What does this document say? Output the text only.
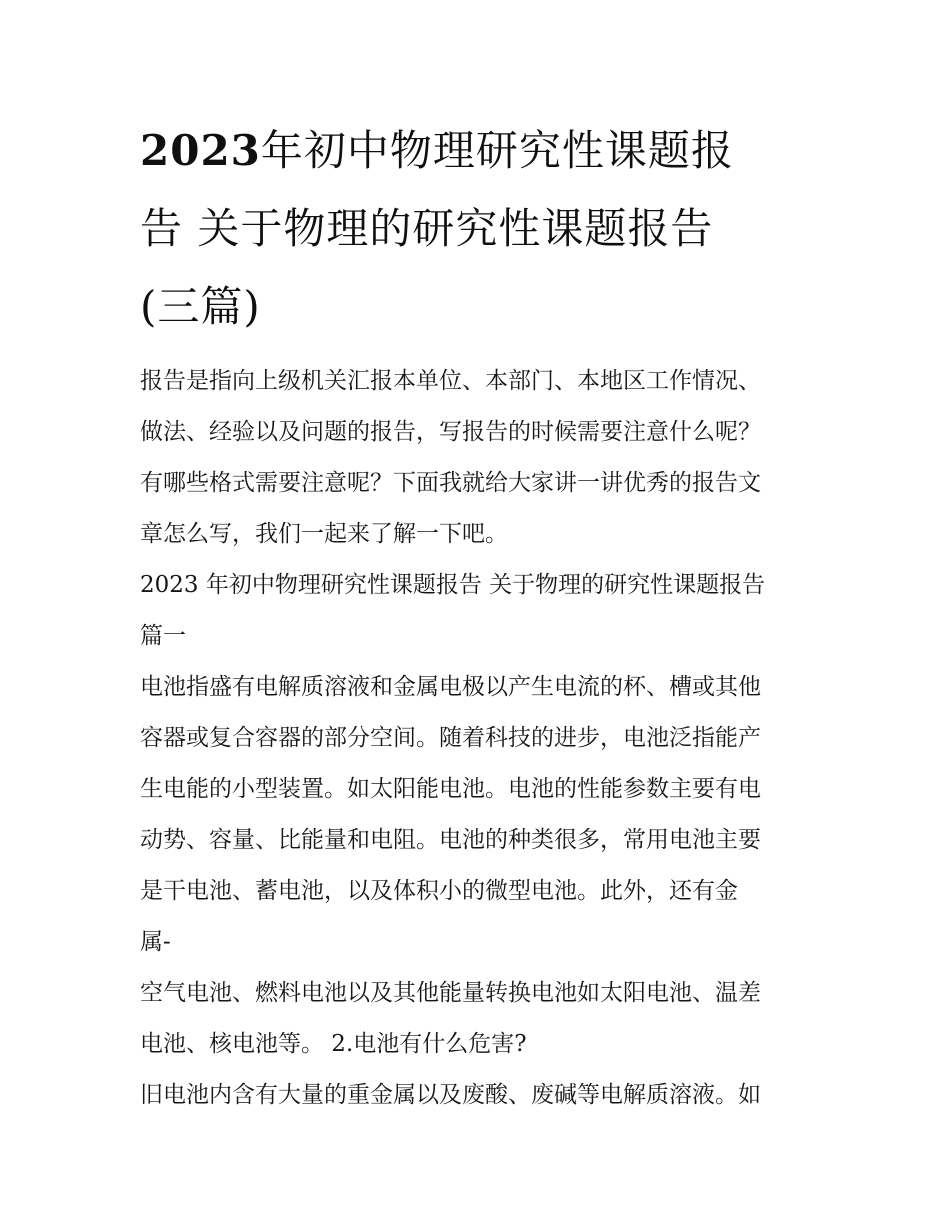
2023年初中物理研究性课题报
告 关于物理的研究性课题报告
(三篇)

报告是指向上级机关汇报本单位、本部门、本地区工作情况、
做法、经验以及问题的报告，写报告的时候需要注意什么呢？
有哪些格式需要注意呢？下面我就给大家讲一讲优秀的报告文
章怎么写，我们一起来了解一下吧。

2023 年初中物理研究性课题报告 关于物理的研究性课题报告
篇一

电池指盛有电解质溶液和金属电极以产生电流的杯、槽或其他
容器或复合容器的部分空间。随着科技的进步，电池泛指能产
生电能的小型装置。如太阳能电池。电池的性能参数主要有电
动势、容量、比能量和电阻。电池的种类很多，常用电池主要
是干电池、蓄电池，以及体积小的微型电池。此外，还有金
属-

空气电池、燃料电池以及其他能量转换电池如太阳电池、温差
电池、核电池等。 2.电池有什么危害?

旧电池内含有大量的重金属以及废酸、废碱等电解质溶液。如
